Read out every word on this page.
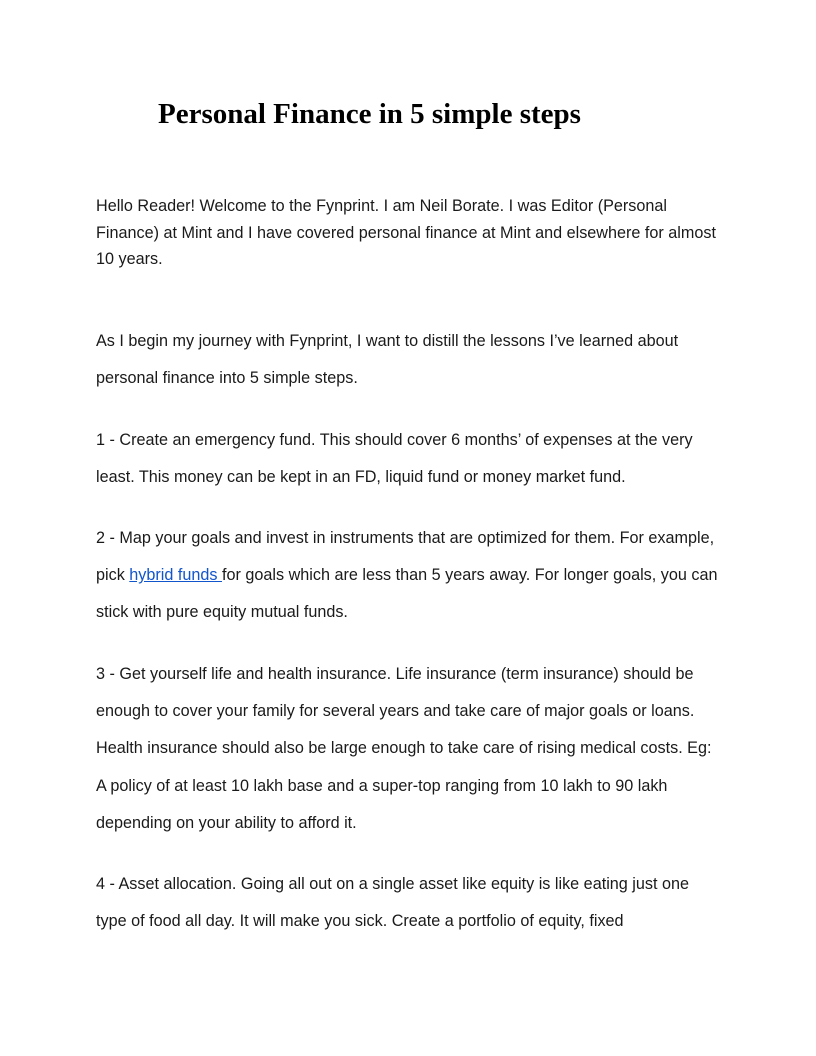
Personal Finance in 5 simple steps

Hello Reader! Welcome to the Fynprint. I am Neil Borate. I was Editor (Personal Finance) at Mint and I have covered personal finance at Mint and elsewhere for almost 10 years.

As I begin my journey with Fynprint, I want to distill the lessons I’ve learned about personal finance into 5 simple steps.

1 - Create an emergency fund. This should cover 6 months’ of expenses at the very least. This money can be kept in an FD, liquid fund or money market fund.

2 - Map your goals and invest in instruments that are optimized for them. For example, pick hybrid funds for goals which are less than 5 years away. For longer goals, you can stick with pure equity mutual funds.

3 - Get yourself life and health insurance. Life insurance (term insurance) should be enough to cover your family for several years and take care of major goals or loans. Health insurance should also be large enough to take care of rising medical costs. Eg: A policy of at least 10 lakh base and a super-top ranging from 10 lakh to 90 lakh depending on your ability to afford it.

4 - Asset allocation. Going all out on a single asset like equity is like eating just one type of food all day. It will make you sick. Create a portfolio of equity, fixed
